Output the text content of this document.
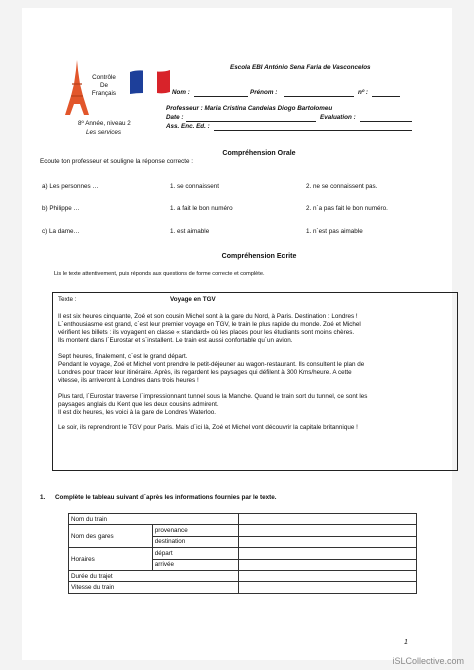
Contrôle
De
Français
8º Année, niveau 2
Les services
Escola EBI António Sena Faria de Vasconcelos
Nom :	Prénom :	nº :
Professeur : Maria Cristina Candeias Diogo Bartolomeu
Date :	Evaluation :
Ass. Enc. Ed. :
Compréhension Orale
Ecoute ton professeur et souligne la réponse correcte :
a) Les personnes …	1. se connaissent	2. ne se connaissent pas.
b) Philippe …	1. a fait le bon numéro	2. n´a pas fait le bon numéro.
c) La dame…	1. est aimable	1. n´est pas aimable
Compréhension Ecrite
Lis le texte attentivement, puis réponds aux questions de forme correcte et complète.
Texte :	Voyage en TGV
Il est six heures cinquante, Zoé et son cousin Michel sont à la gare du Nord, à Paris. Destination : Londres !
L´enthousiasme est grand, c´est leur premier voyage en TGV, le train le plus rapide du monde. Zoé et Michel
vérifient les billets : ils voyagent en classe « standard» où les places pour les étudiants sont moins chères.
Ils montent dans l´Eurostar et s´installent. Le train est aussi confortable qu´un avion.
Sept heures, finalement, c´est le grand départ.
Pendant le voyage, Zoé et Michel vont prendre le petit-déjeuner au wagon-restaurant. Ils consultent le plan de
Londres pour tracer leur itinéraire. Après, ils regardent les paysages qui défilent à 300 Kms/heure. A cette
vitesse, ils arriveront à Londres dans trois heures !
Plus tard, l´Eurostar traverse l´impressionnant tunnel sous la Manche. Quand le train sort du tunnel, ce sont les
paysages anglais du Kent que les deux cousins admirent.
Il est dix heures, les voici à la gare de Londres Waterloo.
Le soir, ils reprendront le TGV pour Paris. Mais d´ici là, Zoé et Michel vont découvrir la capitale britannique !
1. Complète le tableau suivant d´après les informations fournies par le texte.
Nom du train		
Nom des gares	provenance	
	destination	
Horaires	départ	
	arrivée	
Durée du trajet		
Vitesse du train		
1
iSLCollective.com
